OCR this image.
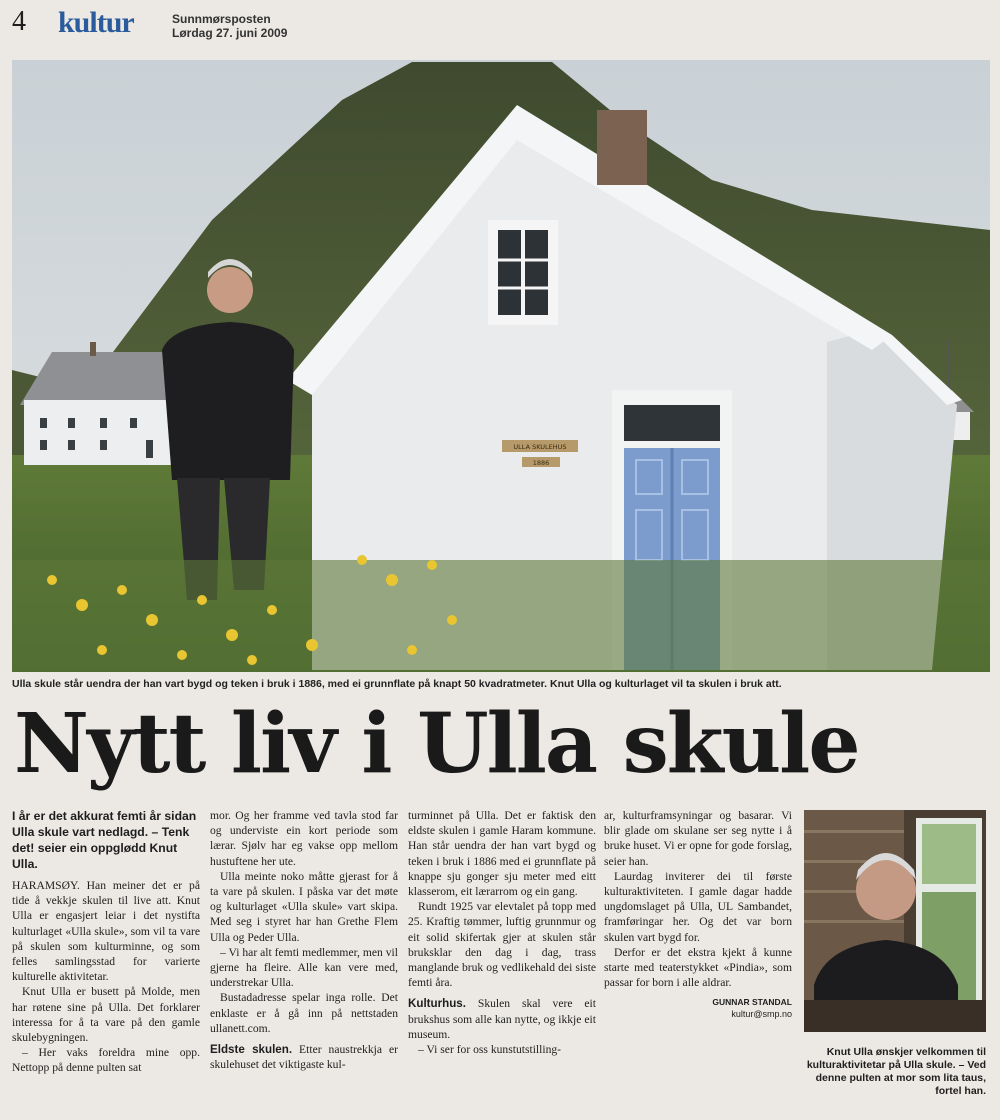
4 kultur	Sunnmørsposten
Lørdag 27. juni 2009
ULLA SKULEHUS
1886
Ulla skule står uendra der han vart bygd og teken i bruk i 1886, med ei grunnflate på knapt 50 kvadratmeter. Knut Ulla og kulturlaget vil ta skulen i bruk att.
Nytt liv i Ulla skule
I år er det akkurat femti år sidan Ulla skule vart nedlagd. – Tenk det! seier ein oppglødd Knut Ulla.

HARAMSØY. Han meiner det er på tide å vekkje skulen til live att. Knut Ulla er engasjert leiar i det nystifta kulturlaget «Ulla skule», som vil ta vare på skulen som kulturminne, og som felles samlingsstad for varierte kulturelle aktivitetar.

Knut Ulla er busett på Molde, men har røtene sine på Ulla. Det forklarer interessa for å ta vare på den gamle skulebygningen.

– Her vaks foreldra mine opp. Nettopp på denne pulten sat

mor. Og her framme ved tavla stod far og underviste ein kort periode som lærar. Sjølv har eg vakse opp mellom hustuftene her ute.

Ulla meinte noko måtte gjerast for å ta vare på skulen. I påska var det møte og kulturlaget «Ulla skule» vart skipa. Med seg i styret har han Grethe Flem Ulla og Peder Ulla.

– Vi har alt femti medlemmer, men vil gjerne ha fleire. Alle kan vere med, understrekar Ulla.

Bustadadresse spelar inga rolle. Det enklaste er å gå inn på nettstaden ullanett.com.

Eldste skulen. Etter naustrekkja er skulehuset det viktigaste kul-

turminnet på Ulla. Det er faktisk den eldste skulen i gamle Haram kommune. Han står uendra der han vart bygd og teken i bruk i 1886 med ei grunnflate på knappe sju gonger sju meter med eitt klasserom, eit lærarrom og ein gang.

Rundt 1925 var elevtalet på topp med 25. Kraftig tømmer, luftig grunnmur og eit solid skifertak gjer at skulen står bruksklar den dag i dag, trass manglande bruk og vedlikehald dei siste femti åra.

Kulturhus. Skulen skal vere eit brukshus som alle kan nytte, og ikkje eit museum.

– Vi ser for oss kunstutstilling-

ar, kulturframsyningar og basarar. Vi blir glade om skulane ser seg nytte i å bruke huset. Vi er opne for gode forslag, seier han.

Laurdag inviterer dei til første kulturaktiviteten. I gamle dagar hadde ungdomslaget på Ulla, UL Sambandet, framføringar her. Og det var born skulen vart bygd for.

Derfor er det ekstra kjekt å kunne starte med teaterstykket «Pindia», som passar for born i alle aldrar.

GUNNAR STANDAL
kultur@smp.no
Knut Ulla ønskjer velkommen til kulturaktivitetar på Ulla skule. – Ved denne pulten at mor som lita taus, fortel han.
